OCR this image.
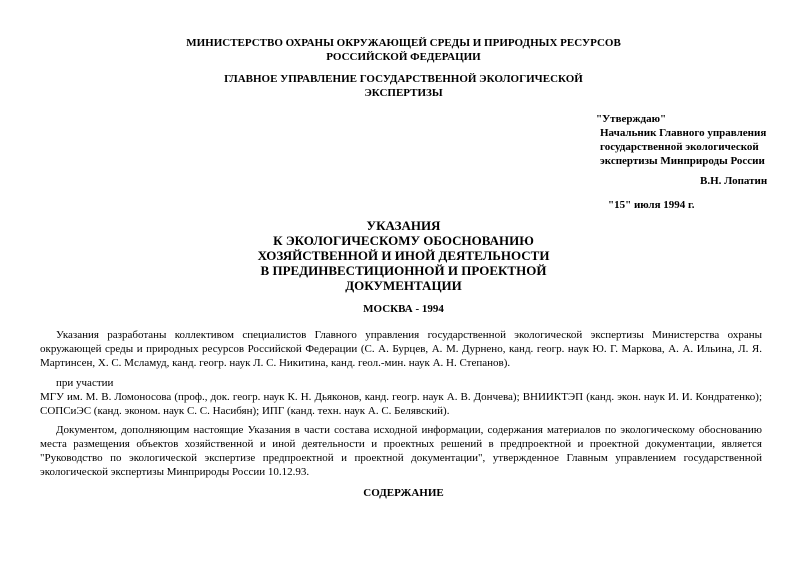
МИНИСТЕРСТВО ОХРАНЫ ОКРУЖАЮЩЕЙ СРЕДЫ И ПРИРОДНЫХ РЕСУРСОВ
РОССИЙСКОЙ ФЕДЕРАЦИИ
ГЛАВНОЕ УПРАВЛЕНИЕ ГОСУДАРСТВЕННОЙ ЭКОЛОГИЧЕСКОЙ
ЭКСПЕРТИЗЫ
"Утверждаю"
Начальник Главного управления
государственной экологической
экспертизы Минприроды России
В.Н. Лопатин
"15" июля 1994 г.
УКАЗАНИЯ
К ЭКОЛОГИЧЕСКОМУ ОБОСНОВАНИЮ
ХОЗЯЙСТВЕННОЙ И ИНОЙ ДЕЯТЕЛЬНОСТИ
В ПРЕДИНВЕСТИЦИОННОЙ И ПРОЕКТНОЙ
ДОКУМЕНТАЦИИ
МОСКВА - 1994
Указания разработаны коллективом специалистов Главного управления государственной экологической экспертизы Министерства охраны окружающей среды и природных ресурсов Российской Федерации (С. А. Бурцев, А. М. Дурнено, канд. геогр. наук Ю. Г. Маркова, А. А. Ильина, Л. Я. Мартинсен, Х. С. Мсламуд, канд. геогр. наук Л. С. Никитина, канд. геол.-мин. наук А. Н. Степанов).
при участии
МГУ им. М. В. Ломоносова (проф., док. геогр. наук К. Н. Дьяконов, канд. геогр. наук А. В. Дончева); ВНИИКТЭП (канд. экон. наук И. И. Кондратенко); СОПСиЭС (канд. эконом. наук С. С. Насибян); ИПГ (канд. техн. наук А. С. Белявский).
Документом, дополняющим настоящие Указания в части состава исходной информации, содержания материалов по экологическому обоснованию места размещения объектов хозяйственной и иной деятельности и проектных решений в предпроектной и проектной документации, является "Руководство по экологической экспертизе предпроектной и проектной документации", утвержденное Главным управлением государственной экологической экспертизы Минприроды России 10.12.93.
СОДЕРЖАНИЕ
